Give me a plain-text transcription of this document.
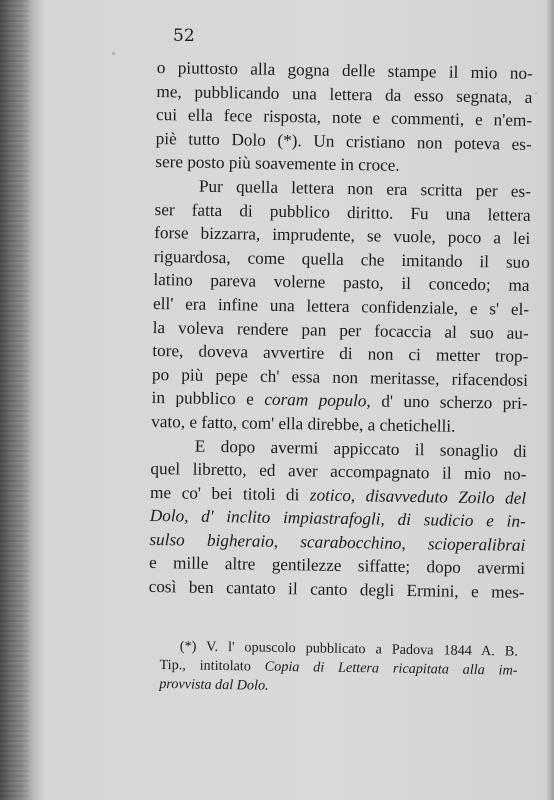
52
o piuttosto alla gogna delle stampe il mio no-
me, pubblicando una lettera da esso segnata, a
cui ella fece risposta, note e commenti, e n'em-
piè tutto Dolo (*). Un cristiano non poteva es-
sere posto più soavemente in croce.
Pur quella lettera non era scritta per es-
ser fatta di pubblico diritto. Fu una lettera
forse bizzarra, imprudente, se vuole, poco a lei
riguardosa, come quella che imitando il suo
latino pareva volerne pasto, il concedo; ma
ell' era infine una lettera confidenziale, e s' el-
la voleva rendere pan per focaccia al suo au-
tore, doveva avvertire di non ci metter trop-
po più pepe ch' essa non meritasse, rifacendosi
in pubblico e coram populo, d' uno scherzo pri-
vato, e fatto, com' ella direbbe, a chetichelli.
E dopo avermi appiccato il sonaglio di
quel libretto, ed aver accompagnato il mio no-
me co' bei titoli di zotico, disavveduto Zoilo del
Dolo, d' inclito impiastrafogli, di sudicio e in-
sulso bigheraio, scarabocchino, scioperalibrai
e mille altre gentilezze siffatte; dopo avermi
così ben cantato il canto degli Ermini, e mes-
(*) V. l' opuscolo pubblicato a Padova 1844 A. B.
Tip., intitolato Copia di Lettera ricapitata alla im-
provvista dal Dolo.
